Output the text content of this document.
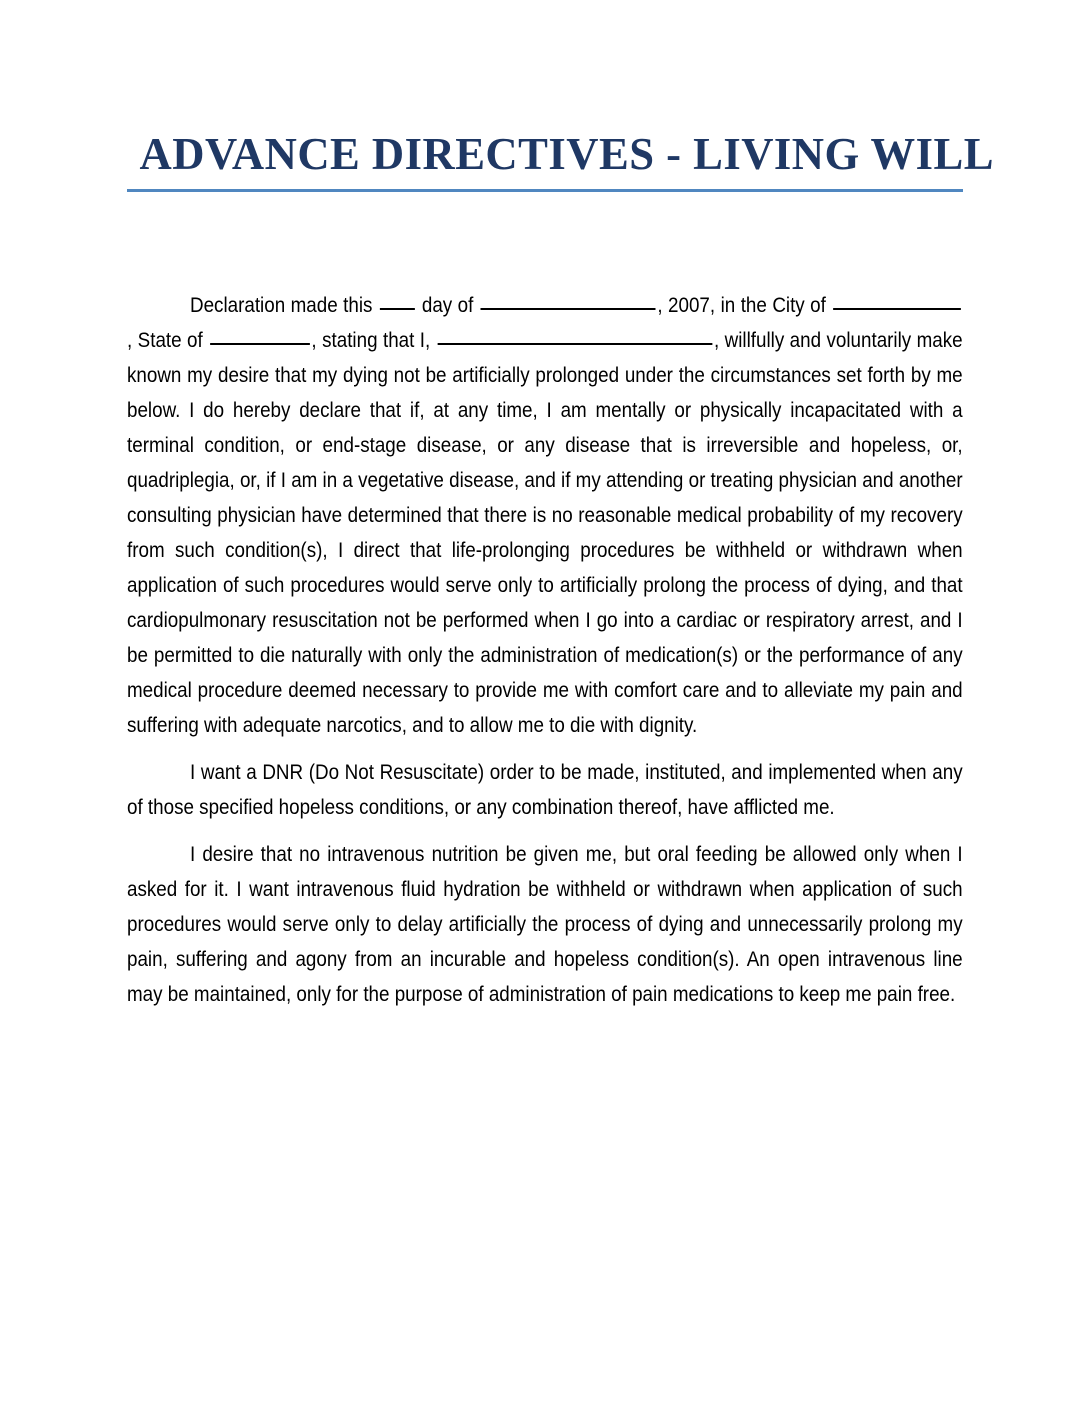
ADVANCE DIRECTIVES - LIVING WILL

Declaration made this day of	, 2007, in the City of , State of	, stating that I,	, willfully and voluntarily make known my desire that my dying not be artificially prolonged under the circumstances set forth by me below. I do hereby declare that if, at any time, I am mentally or physically incapacitated with a terminal condition, or end-stage disease, or any disease that is irreversible and hopeless, or, quadriplegia, or, if I am in a vegetative disease, and if my attending or treating physician and another consulting physician have determined that there is no reasonable medical probability of my recovery from such condition(s), I direct that life-prolonging procedures be withheld or withdrawn when application of such procedures would serve only to artificially prolong the process of dying, and that cardiopulmonary resuscitation not be performed when I go into a cardiac or respiratory arrest, and I be permitted to die naturally with only the administration of medication(s) or the performance of any medical procedure deemed necessary to provide me with comfort care and to alleviate my pain and suffering with adequate narcotics, and to allow me to die with dignity.

I want a DNR (Do Not Resuscitate) order to be made, instituted, and implemented when any of those specified hopeless conditions, or any combination thereof, have afflicted me.

I desire that no intravenous nutrition be given me, but oral feeding be allowed only when I asked for it. I want intravenous fluid hydration be withheld or withdrawn when application of such procedures would serve only to delay artificially the process of dying and unnecessarily prolong my pain, suffering and agony from an incurable and hopeless condition(s). An open intravenous line may be maintained, only for the purpose of administration of pain medications to keep me pain free.
